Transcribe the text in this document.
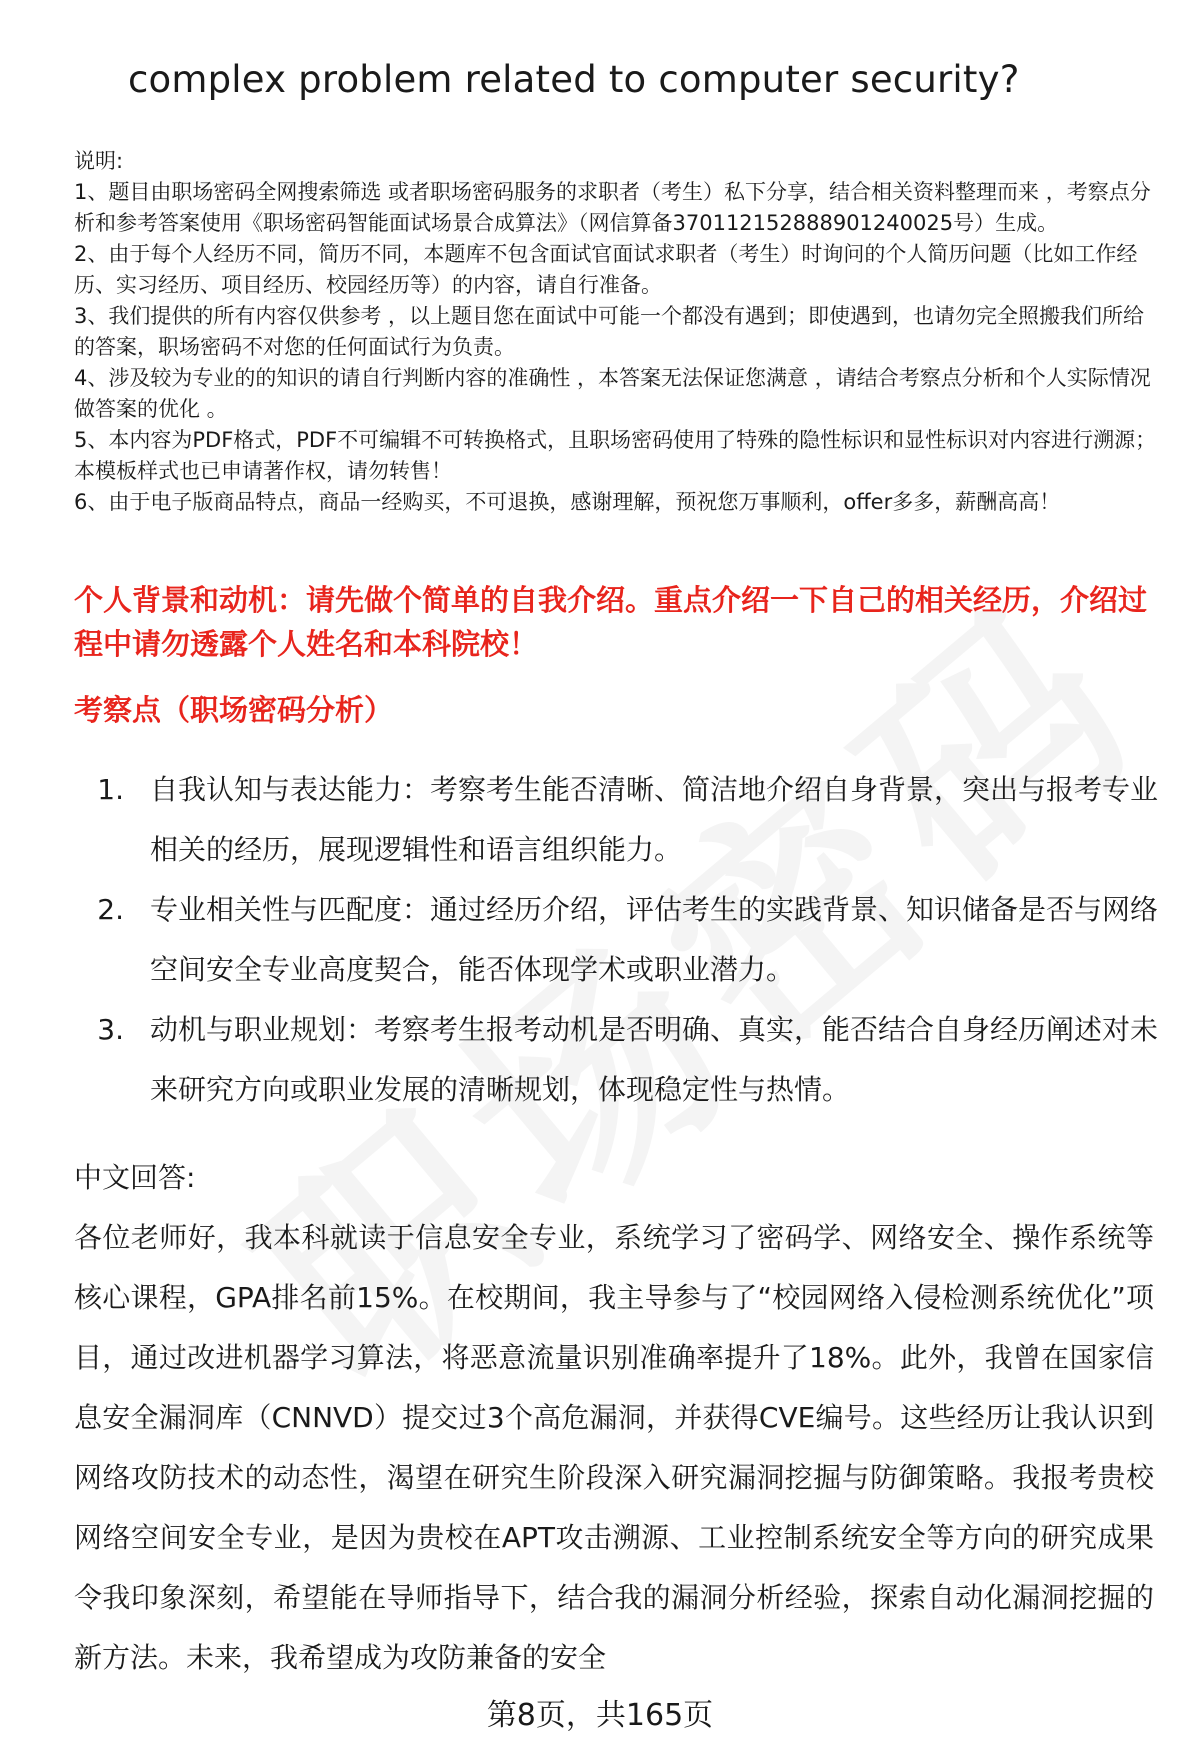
complex problem related to computer security?
说明:
1、题目由职场密码全网搜索筛选 或者职场密码服务的求职者（考生）私下分享，结合相关资料整理而来 ，考察点分析和参考答案使用《职场密码智能面试场景合成算法》（网信算备370112152888901240025号）生成。
2、由于每个人经历不同，简历不同，本题库不包含面试官面试求职者（考生）时询问的个人简历问题（比如工作经历、实习经历、项目经历、校园经历等）的内容，请自行准备。
3、我们提供的所有内容仅供参考 ，以上题目您在面试中可能一个都没有遇到；即使遇到，也请勿完全照搬我们所给的答案，职场密码不对您的任何面试行为负责。
4、涉及较为专业的的知识的请自行判断内容的准确性 ，本答案无法保证您满意 ，请结合考察点分析和个人实际情况做答案的优化 。
5、本内容为PDF格式，PDF不可编辑不可转换格式，且职场密码使用了特殊的隐性标识和显性标识对内容进行溯源；本模板样式也已申请著作权，请勿转售！
6、由于电子版商品特点，商品一经购买，不可退换，感谢理解，预祝您万事顺利，offer多多，薪酬高高！
个人背景和动机：请先做个简单的自我介绍。重点介绍一下自己的相关经历，介绍过程中请勿透露个人姓名和本科院校！
考察点（职场密码分析）
1. 自我认知与表达能力：考察考生能否清晰、简洁地介绍自身背景，突出与报考专业相关的经历，展现逻辑性和语言组织能力。
2. 专业相关性与匹配度：通过经历介绍，评估考生的实践背景、知识储备是否与网络空间安全专业高度契合，能否体现学术或职业潜力。
3. 动机与职业规划：考察考生报考动机是否明确、真实，能否结合自身经历阐述对未来研究方向或职业发展的清晰规划，体现稳定性与热情。
中文回答:
各位老师好，我本科就读于信息安全专业，系统学习了密码学、网络安全、操作系统等核心课程，GPA排名前15%。在校期间，我主导参与了“校园网络入侵检测系统优化”项目，通过改进机器学习算法，将恶意流量识别准确率提升了18%。此外，我曾在国家信息安全漏洞库（CNNVD）提交过3个高危漏洞，并获得CVE编号。这些经历让我认识到网络攻防技术的动态性，渴望在研究生阶段深入研究漏洞挖掘与防御策略。我报考贵校网络空间安全专业，是因为贵校在APT攻击溯源、工业控制系统安全等方向的研究成果令我印象深刻，希望能在导师指导下，结合我的漏洞分析经验，探索自动化漏洞挖掘的新方法。未来，我希望成为攻防兼备的安全
第8页，共165页
